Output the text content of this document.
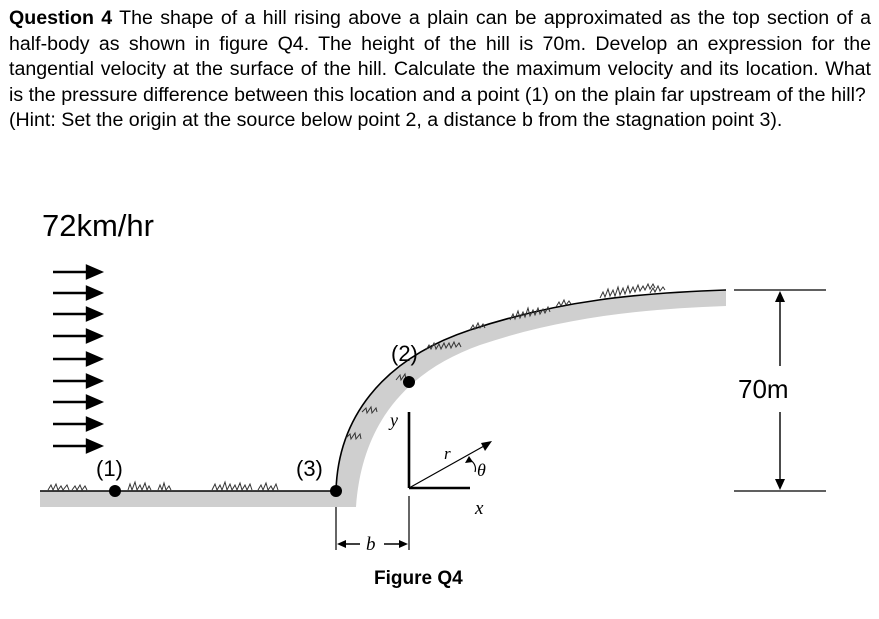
Question 4 The shape of a hill rising above a plain can be approximated as the top section of a half-body as shown in figure Q4. The height of the hill is 70m. Develop an expression for the tangential velocity at the surface of the hill. Calculate the maximum velocity and its location. What is the pressure difference between this location and a point (1) on the plain far upstream of the hill?

(Hint: Set the origin at the source below point 2, a distance b from the stagnation point 3).

72km/hr
(1)	(3)
(2)
y
r
θ
x
b
70m
Figure Q4
